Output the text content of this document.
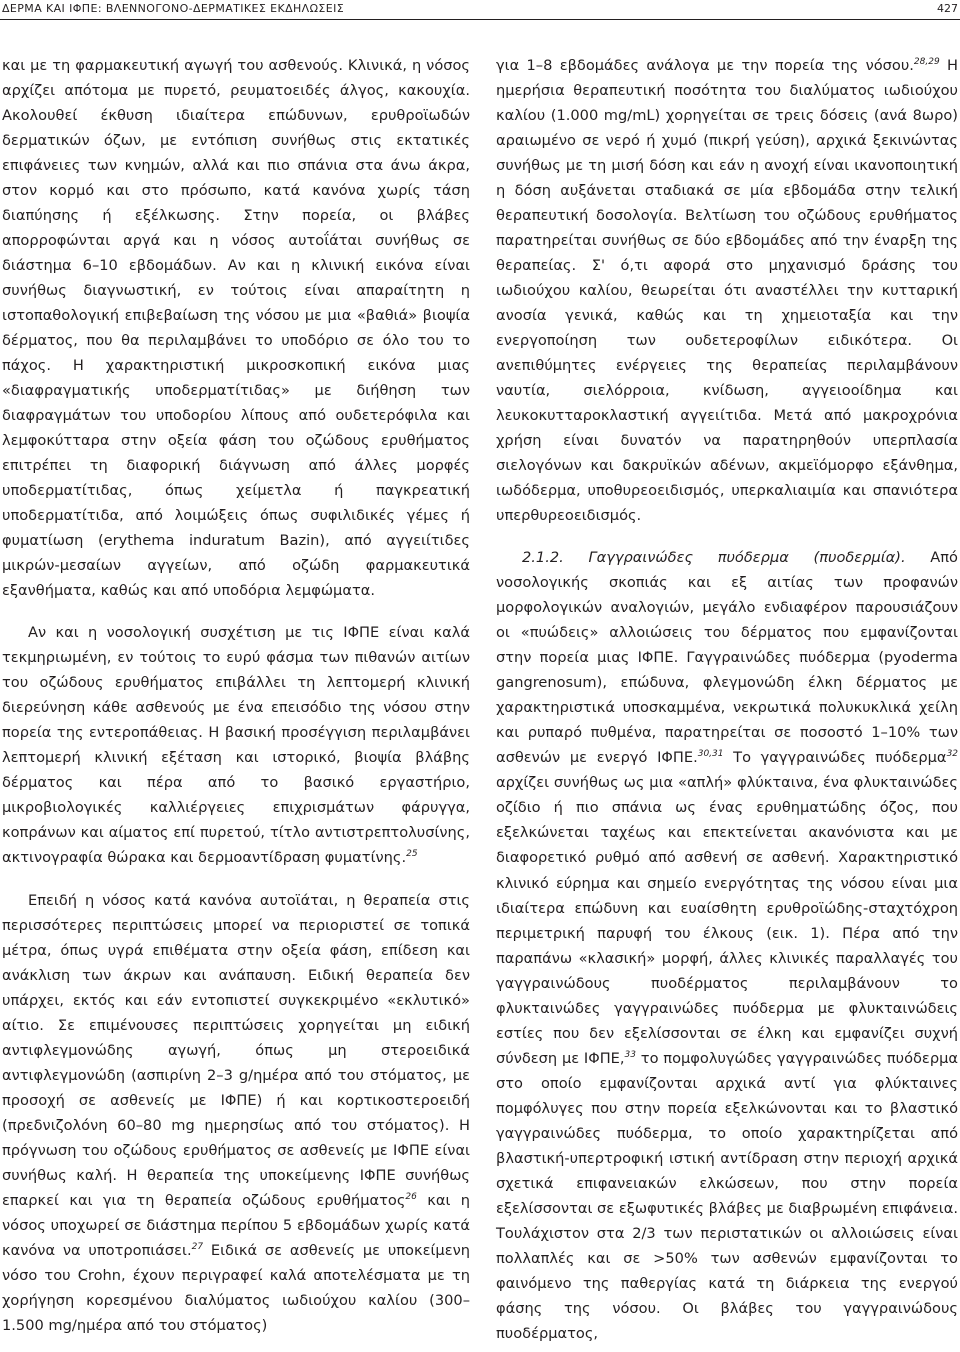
ΔΕΡΜΑ ΚΑΙ ΙΦΠΕ: ΒΛΕΝΝΟΓΟΝΟ-ΔΕΡΜΑΤΙΚΕΣ ΕΚΔΗΛΩΣΕΙΣ	427

και με τη φαρμακευτική αγωγή του ασθενούς. Κλινικά, η νόσος αρχίζει απότομα με πυρετό, ρευματοειδές άλγος, κακουχία. Ακολουθεί έκθυση ιδιαίτερα επώδυνων, ερυθροϊωδών δερματικών όζων, με εντόπιση συνήθως στις εκτατικές επιφάνειες των κνημών, αλλά και πιο σπάνια στα άνω άκρα, στον κορμό και στο πρόσωπο, κατά κανόνα χωρίς τάση διαπύησης ή εξέλκωσης. Στην πορεία, οι βλάβες απορροφώνται αργά και η νόσος αυτοΐάται συνήθως σε διάστημα 6–10 εβδομάδων. Αν και η κλινική εικόνα είναι συνήθως διαγνωστική, εν τούτοις είναι απαραίτητη η ιστοπαθολογική επιβεβαίωση της νόσου με μια «βαθιά» βιοψία δέρματος, που θα περιλαμβάνει το υποδόριο σε όλο του το πάχος. Η χαρακτηριστική μικροσκοπική εικόνα μιας «διαφραγματικής υποδερματίτιδας» με διήθηση των διαφραγμάτων του υποδορίου λίπους από ουδετερόφιλα και λεμφοκύτταρα στην οξεία φάση του οζώδους ερυθήματος επιτρέπει τη διαφορική διάγνωση από άλλες μορφές υποδερματίτιδας, όπως χείμετλα ή παγκρεατική υποδερματίτιδα, από λοιμώξεις όπως συφιλιδικές γέμες ή φυματίωση (erythema induratum Bazin), από αγγειίτιδες μικρών-μεσαίων αγγείων, από οζώδη φαρμακευτικά εξανθήματα, καθώς και από υποδόρια λεμφώματα.

Αν και η νοσολογική συσχέτιση με τις ΙΦΠΕ είναι καλά τεκμηριωμένη, εν τούτοις το ευρύ φάσμα των πιθανών αιτίων του οζώδους ερυθήματος επιβάλλει τη λεπτομερή κλινική διερεύνηση κάθε ασθενούς με ένα επεισόδιο της νόσου στην πορεία της εντεροπάθειας. Η βασική προσέγγιση περιλαμβάνει λεπτομερή κλινική εξέταση και ιστορικό, βιοψία βλάβης δέρματος και πέρα από το βασικό εργαστήριο, μικροβιολογικές καλλιέργειες επιχρισμάτων φάρυγγα, κοπράνων και αίματος επί πυρετού, τίτλο αντιστρεπτολυσίνης, ακτινογραφία θώρακα και δερμοαντίδραση φυματίνης.$^{25}$

Επειδή η νόσος κατά κανόνα αυτοϊάται, η θεραπεία στις περισσότερες περιπτώσεις μπορεί να περιοριστεί σε τοπικά μέτρα, όπως υγρά επιθέματα στην οξεία φάση, επίδεση και ανάκλιση των άκρων και ανάπαυση. Ειδική θεραπεία δεν υπάρχει, εκτός και εάν εντοπιστεί συγκεκριμένο «εκλυτικό» αίτιο. Σε επιμένουσες περιπτώσεις χορηγείται μη ειδική αντιφλεγμονώδης αγωγή, όπως μη στεροειδικά αντιφλεγμονώδη (ασπιρίνη 2–3 g/ημέρα από του στόματος, με προσοχή σε ασθενείς με ΙΦΠΕ) ή και κορτικοστεροειδή (πρεδνιζολόνη 60–80 mg ημερησίως από του στόματος). Η πρόγνωση του οζώδους ερυθήματος σε ασθενείς με ΙΦΠΕ είναι συνήθως καλή. Η θεραπεία της υποκείμενης ΙΦΠΕ συνήθως επαρκεί και για τη θεραπεία οζώδους ερυθήματος$^{26}$ και η νόσος υποχωρεί σε διάστημα περίπου 5 εβδομάδων χωρίς κατά κανόνα να υποτροπιάσει.$^{27}$ Ειδικά σε ασθενείς με υποκείμενη νόσο του Crohn, έχουν περιγραφεί καλά αποτελέσματα με τη χορήγηση κορεσμένου διαλύματος ιωδιούχου καλίου (300–1.500 mg/ημέρα από του στόματος)

για 1–8 εβδομάδες ανάλογα με την πορεία της νόσου.$^{28,29}$ Η ημερήσια θεραπευτική ποσότητα του διαλύματος ιωδιούχου καλίου (1.000 mg/mL) χορηγείται σε τρεις δόσεις (ανά 8ωρο) αραιωμένο σε νερό ή χυμό (πικρή γεύση), αρχικά ξεκινώντας συνήθως με τη μισή δόση και εάν η ανοχή είναι ικανοποιητική η δόση αυξάνεται σταδιακά σε μία εβδομάδα στην τελική θεραπευτική δοσολογία. Βελτίωση του οζώδους ερυθήματος παρατηρείται συνήθως σε δύο εβδομάδες από την έναρξη της θεραπείας. Σ' ό,τι αφορά στο μηχανισμό δράσης του ιωδιούχου καλίου, θεωρείται ότι αναστέλλει την κυτταρική ανοσία γενικά, καθώς και τη χημειοταξία και την ενεργοποίηση των ουδετεροφίλων ειδικότερα. Οι ανεπιθύμητες ενέργειες της θεραπείας περιλαμβάνουν ναυτία, σιελόρροια, κνίδωση, αγγειοοίδημα και λευκοκυτταροκλαστική αγγειίτιδα. Μετά από μακροχρόνια χρήση είναι δυνατόν να παρατηρηθούν υπερπλασία σιελογόνων και δακρυϊκών αδένων, ακμεϊόμορφο εξάνθημα, ιωδόδερμα, υποθυρεοειδισμός, υπερκαλιαιμία και σπανιότερα υπερθυρεοειδισμός.

2.1.2. Γαγγραινώδες πυόδερμα (πυοδερμία). Από νοσολογικής σκοπιάς και εξ αιτίας των προφανών μορφολογικών αναλογιών, μεγάλο ενδιαφέρον παρουσιάζουν οι «πυώδεις» αλλοιώσεις του δέρματος που εμφανίζονται στην πορεία μιας ΙΦΠΕ. Γαγγραινώδες πυόδερμα (pyoderma gangrenosum), επώδυνα, φλεγμονώδη έλκη δέρματος με χαρακτηριστικά υποσκαμμένα, νεκρωτικά πολυκυκλικά χείλη και ρυπαρό πυθμένα, παρατηρείται σε ποσοστό 1–10% των ασθενών με ενεργό ΙΦΠΕ.$^{30,31}$ Το γαγγραινώδες πυόδερμα$^{32}$ αρχίζει συνήθως ως μια «απλή» φλύκταινα, ένα φλυκταινώδες οζίδιο ή πιο σπάνια ως ένας ερυθηματώδης όζος, που εξελκώνεται ταχέως και επεκτείνεται ακανόνιστα και με διαφορετικό ρυθμό από ασθενή σε ασθενή. Χαρακτηριστικό κλινικό εύρημα και σημείο ενεργότητας της νόσου είναι μια ιδιαίτερα επώδυνη και ευαίσθητη ερυθροϊώδης-σταχτόχροη περιμετρική παρυφή του έλκους (εικ. 1). Πέρα από την παραπάνω «κλασική» μορφή, άλλες κλινικές παραλλαγές του γαγγραινώδους πυοδέρματος περιλαμβάνουν το φλυκταινώδες γαγγραινώδες πυόδερμα με φλυκταινώδεις εστίες που δεν εξελίσσονται σε έλκη και εμφανίζει συχνή σύνδεση με ΙΦΠΕ,$^{33}$ το πομφολυγώδες γαγγραινώδες πυόδερμα στο οποίο εμφανίζονται αρχικά αντί για φλύκταινες πομφόλυγες που στην πορεία εξελκώνονται και το βλαστικό γαγγραινώδες πυόδερμα, το οποίο χαρακτηρίζεται από βλαστική-υπερτροφική ιστική αντίδραση στην περιοχή αρχικά σχετικά επιφανειακών ελκώσεων, που στην πορεία εξελίσσονται σε εξωφυτικές βλάβες με διαβρωμένη επιφάνεια. Τουλάχιστον στα 2/3 των περιστατικών οι αλλοιώσεις είναι πολλαπλές και σε >50% των ασθενών εμφανίζονται το φαινόμενο της παθεργίας κατά τη διάρκεια της ενεργού φάσης της νόσου. Οι βλάβες του γαγγραινώδους πυοδέρματος,
